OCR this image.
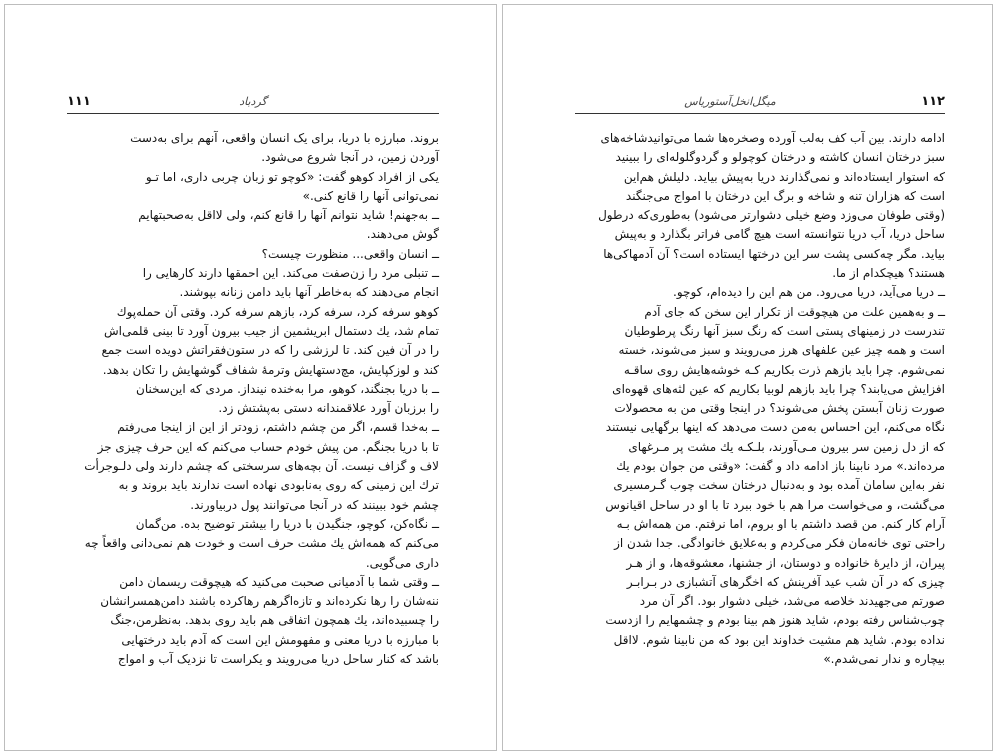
گردباد
۱۱۱

بروند. مبارزه با دریا، برای یک انسان واقعی، آنهم برای به‌دست

آوردن زمین، در آنجا شروع می‌شود.

یکی از افراد کوهو گفت: «کوچو تو زبان چربی داری، اما تـو

نمی‌توانی آنها را قانع کنی.»

ــ به‌جهنم! شاید نتوانم آنها را قانع کنم، ولی لااقل به‌صحبتهایم

گوش می‌دهند.

ــ انسان واقعی... منظورت چیست؟

ــ تنبلی مرد را زن‌صفت می‌کند. این احمقها دارند کارهایی را

انجام می‌دهند که به‌خاطر آنها باید دامن زنانه بپوشند.

کوهو سرفه کرد، سرفه کرد، بازهم سرفه کرد. وقتی آن حمله‌پوك

تمام شد، یك دستمال ابریشمین از جیب بیرون آورد تا بینی قلمی‌اش

را در آن فین کند. تا لرزشی را که در ستون‌فقراتش دویده است جمع

کند و لوزکپایش، مچ‌دستهایش وترمهٔ شفاف گوشهایش را تکان بدهد.

ــ با دریا بجنگند، کوهو، مرا به‌خنده نینداز. مردی که این‌سخنان

را برزبان آورد علاقمندانه دستی به‌پشتش زد.

ــ به‌خدا قسم، اگر من چشم داشتم، زودتر از این از اینجا می‌رفتم

تا با دریا بجنگم. من پیش خودم حساب می‌کنم که این حرف چیزی جز

لاف و گزاف نیست. آن بچه‌های سرسختی که چشم دارند ولی دلـوجرأت

ترك این زمینی که روی به‌نابودی نهاده است ندارند باید بروند و به

چشم خود ببینند که در آنجا می‌توانند پول دربیاورند.

ــ نگاه‌کن، کوچو، جنگیدن با دریا را بیشتر توضیح بده. من‌گمان

می‌کنم که همه‌اش یك مشت حرف است و خودت هم نمی‌دانی واقعاً چه

داری می‌گویی.

ــ وقتی شما با آدمیانی صحبت می‌کنید که هیچوقت ریسمان دامن

ننه‌شان را رها نکرده‌اند و تازه‌اگرهم رهاکرده باشند دامن‌همسرانشان

را چسبیده‌اند، یك همچون اتفاقی هم باید روی بدهد. به‌نظرمن،جنگ

با مبارزه با دریا معنی و مفهومش این است که آدم باید درختهایی

باشد که کنار ساحل دریا می‌رویند و یکراست تا نزدیک آب و امواج

۱۱۲
میگل‌انخل‌آستوریاس

ادامه دارند. بین آب کف به‌لب آورده وصخره‌ها شما می‌توانیدشاخه‌های

سبز درختان انسان کاشته و درختان کوچولو و گردوگلوله‌ای را ببینید

که استوار ایستاده‌اند و نمی‌گذارند دریا به‌پیش بیاید. دلیلش هم‌این

است که هزاران تنه و شاخه و برگ این درختان با امواج می‌جنگند

(وقتی طوفان می‌وزد وضع خیلی دشوارتر می‌شود) به‌طوری‌که در‌طول

ساحل دریا، آب دریا نتوانسته است هیچ گامی فراتر بگذارد و به‌پیش

بیاید. مگر چه‌کسی پشت سر این درختها ایستاده است؟ آن آدمهاکی‌ها

هستند؟ هیچکدام از ما.

ــ دریا می‌آید، دریا می‌رود. من هم این را دیده‌ام، کوچو.

ــ و به‌همین علت من هیچوقت از تکرار این سخن که جای آدم

تندرست در زمینهای پستی است که رنگ سبز آنها رنگ پرطوطیان

است و همه چیز عین علفهای هرز می‌رویند و سبز می‌شوند، خسته

نمی‌شوم. چرا باید بازهم ذرت بکاریم کـه خوشه‌هایش روی ساقـه

افزایش می‌یابند؟ چرا باید بازهم لوبیا بکاریم که عین لثه‌های قهوه‌ای

صورت زنان آبستن پخش می‌شوند؟ در اینجا وقتی من به محصولات

نگاه می‌کنم، این احساس به‌من دست می‌دهد که اینها برگهایی نیستند

که از دل زمین سر بیرون مـی‌آورند، بلـکـه یك مشت پر مـرغهای

مرده‌اند.» مرد نابینا باز ادامه داد و گفت: «وقتی من جوان بودم یك

نفر به‌این سامان آمده بود و به‌دنبال درختان سخت چوب گـرمسیری

می‌گشت، و می‌خواست مرا هم با خود ببرد تا با او در ساحل اقیانوس

آرام کار کنم. من قصد داشتم با او بروم، اما نرفتم. من همه‌اش بـه

راحتی توی خانه‌مان فکر می‌کردم و به‌علایق خانوادگی. جدا شدن از

پیران، از دایرهٔ خانواده و دوستان، از جشنها، معشوقه‌ها، و از هـر

چیزی که در آن شب عید آفرینش که اخگرهای آتشبازی در بـرابـر

صورتم می‌جهیدند خلاصه می‌شد، خیلی دشوار بود. اگر آن مرد

چوب‌شناس رفته بودم، شاید هنوز هم بینا بودم و چشمهایم را ازدست

نداده بودم. شاید هم مشیت خداوند این بود که من نابینا شوم. لااقل

بیچاره و ندار نمی‌شدم.»
